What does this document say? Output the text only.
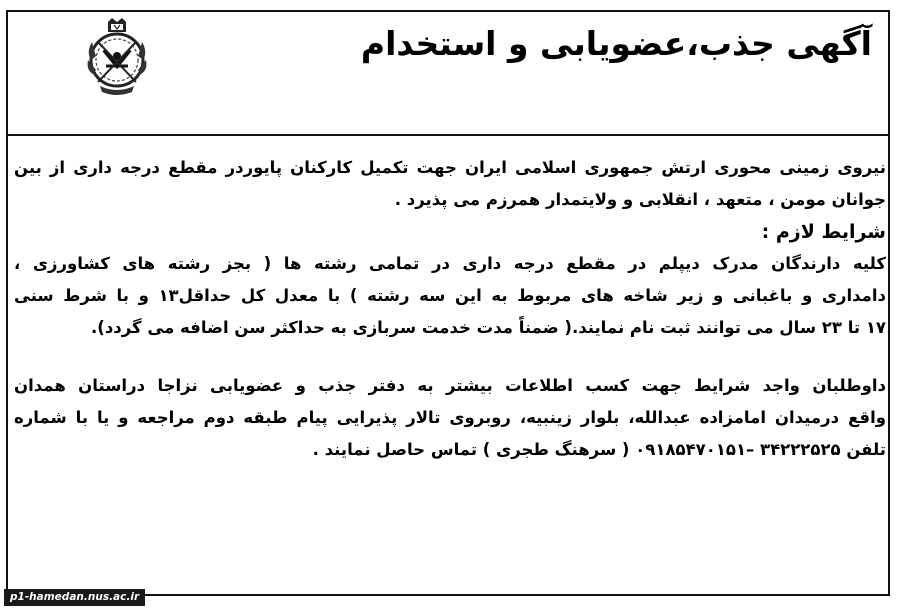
آگهی جذب،عضویابی و استخدام
نیروی زمینی محوری ارتش جمهوری اسلامی ایران جهت تکمیل کارکنان پایوردر مقطع درجه داری از بین
جوانان مومن ، متعهد ، انقلابی و ولایتمدار همرزم می پذیرد .
شرایط لازم :
کلیه دارندگان مدرک دیپلم در مقطع درجه داری در تمامی رشته ها ( بجز رشته های کشاورزی ،
دامداری و باغبانی و زیر شاخه های مربوط به این سه رشته ) با معدل کل حداقل۱۳ و با شرط سنی
۱۷ تا ۲۳ سال می توانند ثبت نام نمایند.( ضمناً مدت خدمت سربازی به حداکثر سن اضافه می گردد).
داوطلبان واجد شرایط جهت کسب اطلاعات بیشتر به دفتر جذب و عضویابی نزاجا دراستان همدان
واقع درمیدان امامزاده عبدالله، بلوار زینبیه، روبروی تالار پذیرایی پیام طبقه دوم مراجعه و یا با شماره
تلفن ۳۴۲۲۲۵۲۵ –۰۹۱۸۵۴۷۰۱۵۱ ( سرهنگ طجری ) تماس حاصل نمایند .
p1-hamedan.nus.ac.ir
